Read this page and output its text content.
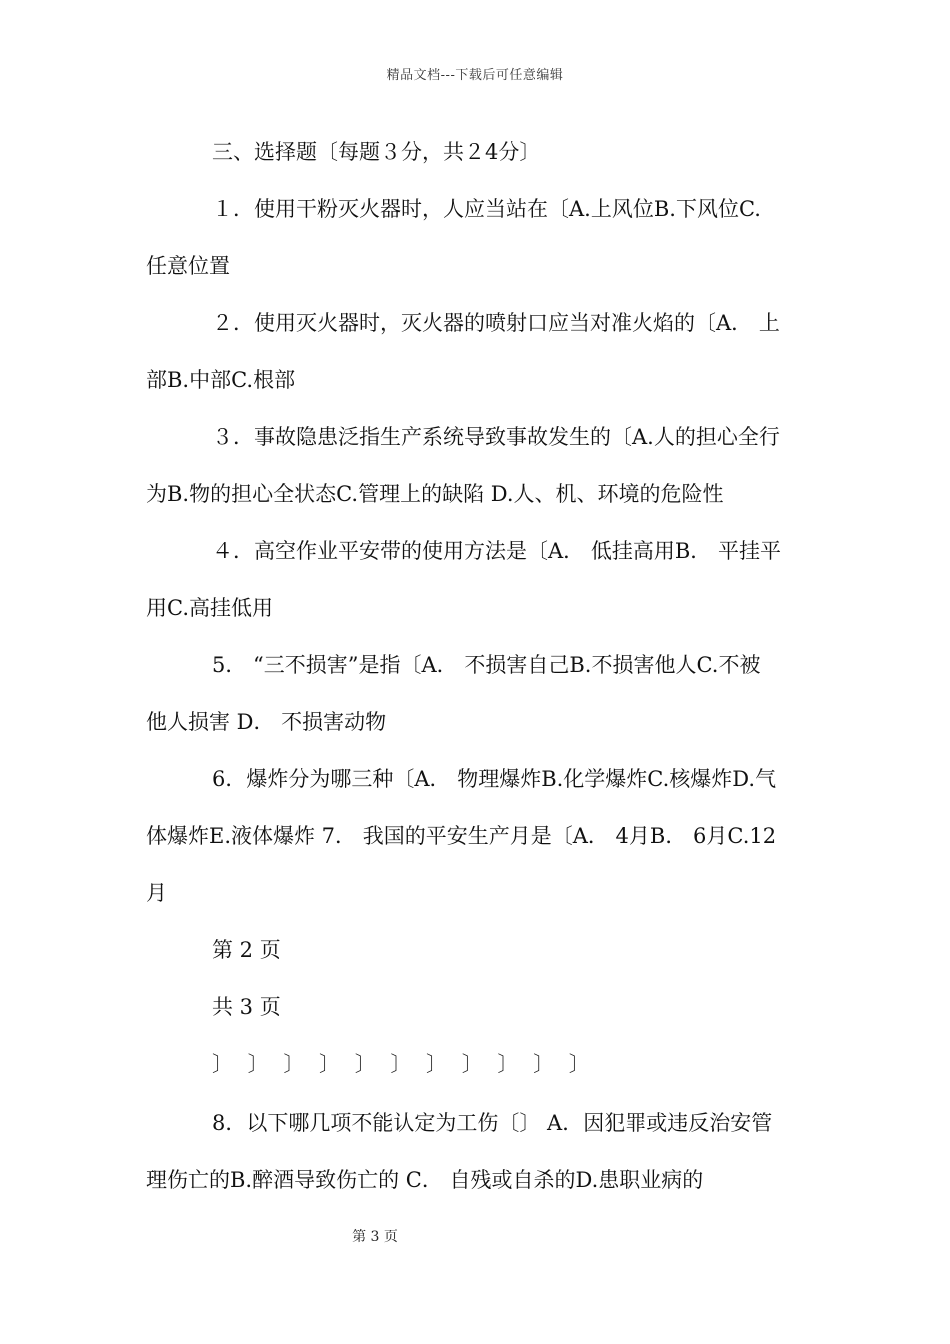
精品文档---下载后可任意编辑
三、选择题〔每题３分，共２4分〕
１．使用干粉灭火器时，人应当站在〔A.上风位B.下风位C.
任意位置
２．使用灭火器时，灭火器的喷射口应当对准火焰的〔A． 上
部B.中部C.根部
３．事故隐患泛指生产系统导致事故发生的〔A.人的担心全行
为B.物的担心全状态C.管理上的缺陷 D.人、机、环境的危险性
４．高空作业平安带的使用方法是〔A． 低挂高用B． 平挂平
用C.高挂低用
5． “三不损害”是指〔A． 不损害自己B.不损害他人C.不被
他人损害 D． 不损害动物
6．爆炸分为哪三种〔A． 物理爆炸B.化学爆炸C.核爆炸D.气
体爆炸E.液体爆炸 7． 我国的平安生产月是〔A． 4月B． 6月C.12
月
第 2 页
共 3 页
〕 〕 〕 〕 〕 〕 〕 〕 〕 〕 〕
8．以下哪几项不能认定为工伤〔〕 A．因犯罪或违反治安管
理伤亡的B.醉酒导致伤亡的 C． 自残或自杀的D.患职业病的
第 3 页
